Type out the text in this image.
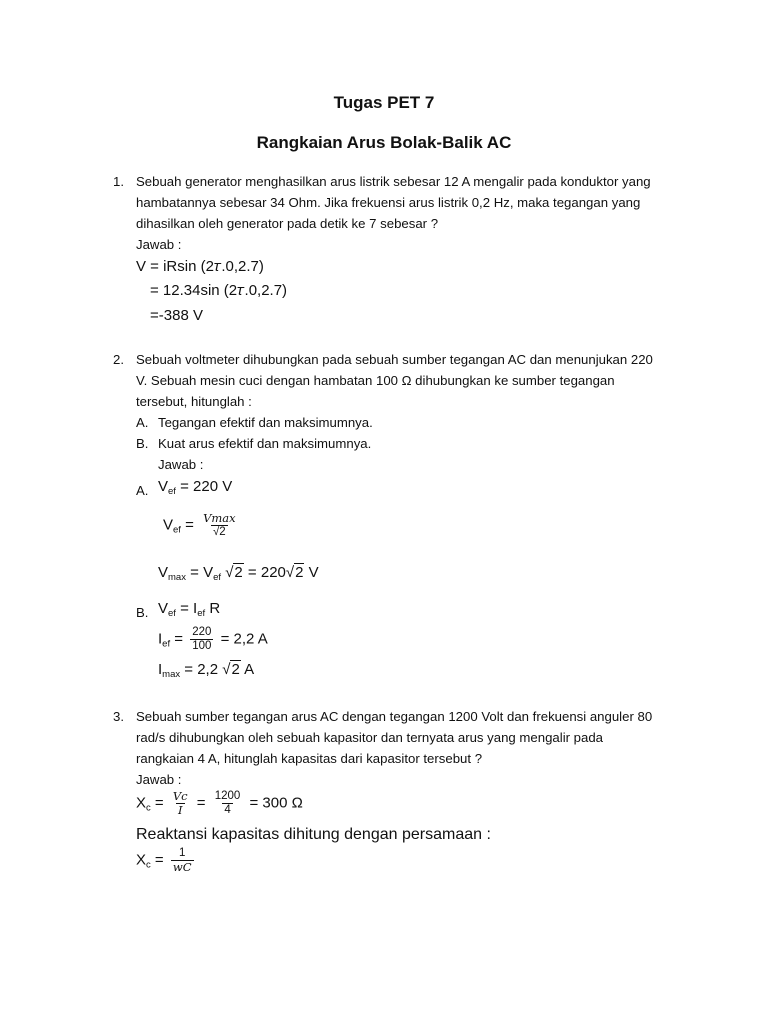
Tugas PET 7
Rangkaian Arus Bolak-Balik AC
1. Sebuah generator menghasilkan arus listrik sebesar 12 A mengalir pada konduktor yang
hambatannya sebesar 34 Ohm. Jika frekuensi arus listrik 0,2 Hz, maka tegangan yang
dihasilkan oleh generator pada detik ke 7 sebesar ?
Jawab :
V = iRsin (2𝜏.0,2.7)
= 12.34sin (2𝜏.0,2.7)
=-388 V
2. Sebuah voltmeter dihubungkan pada sebuah sumber tegangan AC dan menunjukan 220
V. Sebuah mesin cuci dengan hambatan 100 Ω dihubungkan ke sumber tegangan
tersebut, hitunglah :
A. Tegangan efektif dan maksimumnya.
B. Kuat arus efektif dan maksimumnya.
Jawab :
A. $V_{ef} = 220$ V
$V_{ef} = \frac{Vmax}{√2}$
$V_{max} = V_{ef}$ √2 = 220√2 V
B. $V_{ef} = I_{ef}$ R
$I_{ef} = \frac{220}{100} = 2,2$ A
$I_{max} = 2,2$ √2 A
3. Sebuah sumber tegangan arus AC dengan tegangan 1200 Volt dan frekuensi anguler 80
rad/s dihubungkan oleh sebuah kapasitor dan ternyata arus yang mengalir pada
rangkaian 4 A, hitunglah kapasitas dari kapasitor tersebut ?
Jawab :
$X_c = \frac{Vc}{I} = \frac{1200}{4} = 300$ Ω
Reaktansi kapasitas dihitung dengan persamaan :
$X_c = \frac{1}{wC}$
